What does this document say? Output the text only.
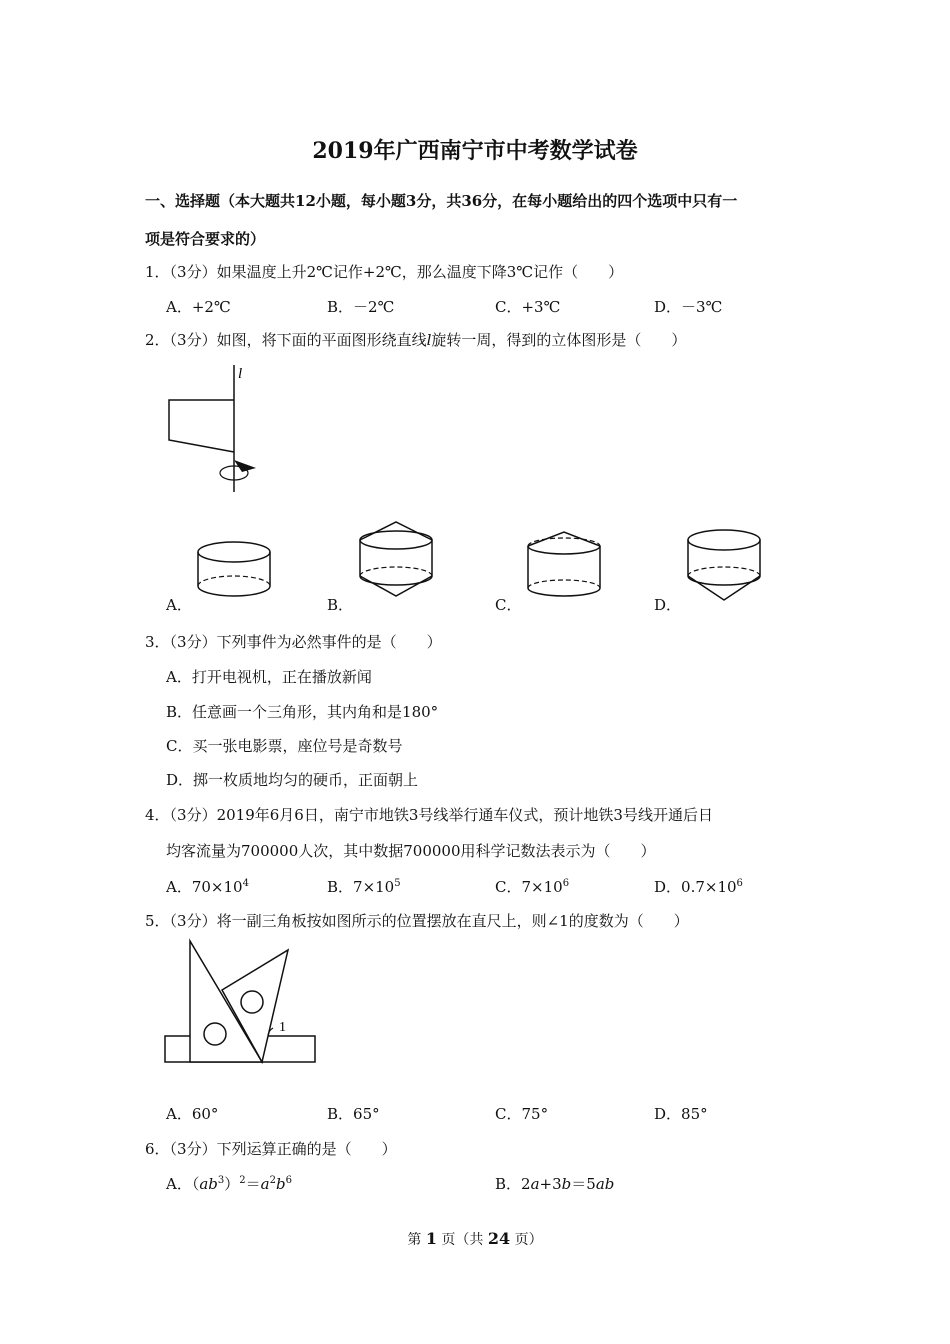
2019年广西南宁市中考数学试卷
一、选择题（本大题共12小题，每小题3分，共36分，在每小题给出的四个选项中只有一
项是符合要求的）
1．（3分）如果温度上升2℃记作+2℃，那么温度下降3℃记作（　　）
A．+2℃	B．－2℃	C．+3℃	D．－3℃
2．（3分）如图，将下面的平面图形绕直线l旋转一周，得到的立体图形是（　　）
l
A．	B．	C．	D．
3．（3分）下列事件为必然事件的是（　　）
A．打开电视机，正在播放新闻
B．任意画一个三角形，其内角和是180°
C．买一张电影票，座位号是奇数号
D．掷一枚质地均匀的硬币，正面朝上
4．（3分）2019年6月6日，南宁市地铁3号线举行通车仪式，预计地铁3号线开通后日
均客流量为700000人次，其中数据700000用科学记数法表示为（　　）
A．$70\times 10^4$	B．$7\times 10^5$	C．$7\times 10^6$	D．$0.7\times 10^6$
5．（3分）将一副三角板按如图所示的位置摆放在直尺上，则∠1的度数为（　　）
1
A．60°	B．65°	C．75°	D．85°
6．（3分）下列运算正确的是（　　）
A．$(ab^3)^2=a^2b^6$	B．2a+3b＝5ab
第 1 页（共 24 页）
